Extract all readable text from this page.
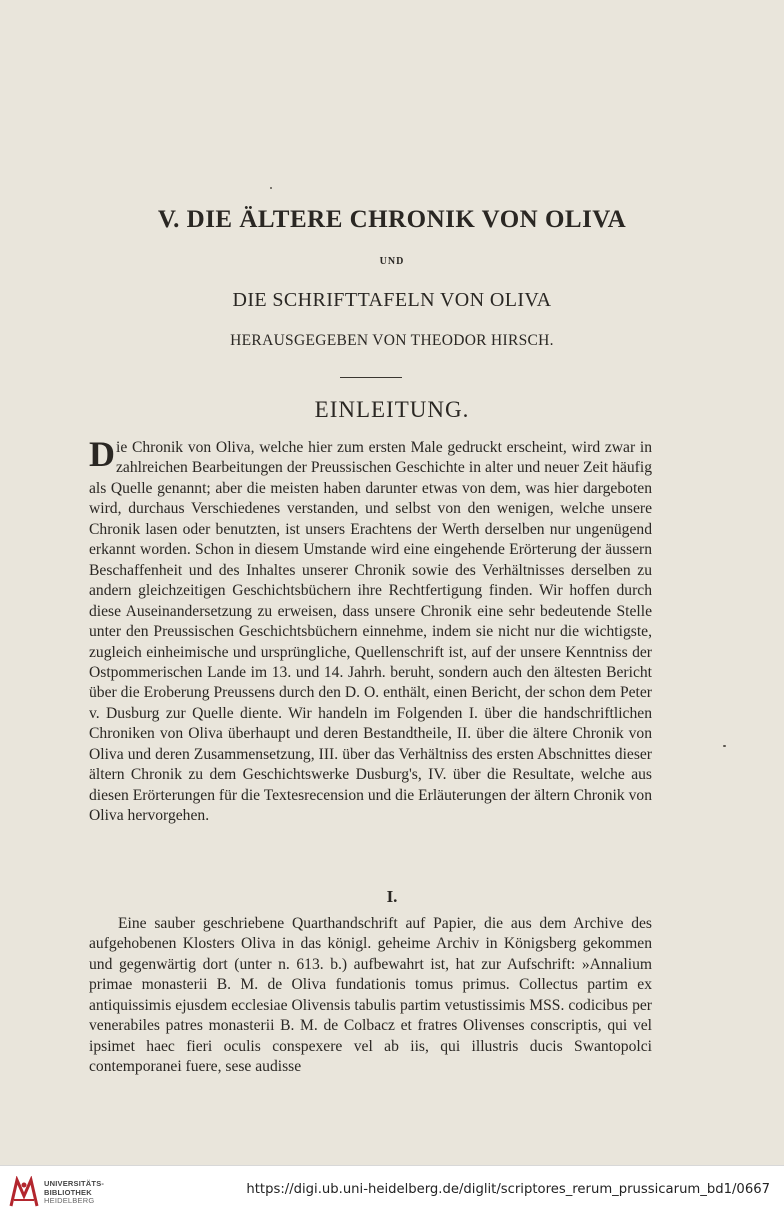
V. DIE ÄLTERE CHRONIK VON OLIVA
UND
DIE SCHRIFTTAFELN VON OLIVA
HERAUSGEGEBEN VON THEODOR HIRSCH.
EINLEITUNG.

Die Chronik von Oliva, welche hier zum ersten Male gedruckt erscheint, wird zwar in zahlreichen Bearbeitungen der Preussischen Geschichte in alter und neuer Zeit häufig als Quelle genannt; aber die meisten haben darunter etwas von dem, was hier dargeboten wird, durchaus Verschiedenes verstanden, und selbst von den wenigen, welche unsere Chronik lasen oder benutzten, ist unsers Erachtens der Werth derselben nur ungenügend erkannt worden. Schon in diesem Umstande wird eine eingehende Erörterung der äussern Beschaffenheit und des Inhaltes unserer Chronik sowie des Verhältnisses derselben zu andern gleichzeitigen Geschichtsbüchern ihre Rechtfertigung finden. Wir hoffen durch diese Auseinandersetzung zu erweisen, dass unsere Chronik eine sehr bedeutende Stelle unter den Preussischen Geschichtsbüchern einnehme, indem sie nicht nur die wichtigste, zugleich einheimische und ursprüngliche, Quellenschrift ist, auf der unsere Kenntniss der Ostpommerischen Lande im 13. und 14. Jahrh. beruht, sondern auch den ältesten Bericht über die Eroberung Preussens durch den D. O. enthält, einen Bericht, der schon dem Peter v. Dusburg zur Quelle diente. Wir handeln im Folgenden I. über die handschriftlichen Chroniken von Oliva überhaupt und deren Bestandtheile, II. über die ältere Chronik von Oliva und deren Zusammensetzung, III. über das Verhältniss des ersten Abschnittes dieser ältern Chronik zu dem Geschichtswerke Dusburg's, IV. über die Resultate, welche aus diesen Erörterungen für die Textesrecension und die Erläuterungen der ältern Chronik von Oliva hervorgehen.

I.

Eine sauber geschriebene Quarthandschrift auf Papier, die aus dem Archive des aufgehobenen Klosters Oliva in das königl. geheime Archiv in Königsberg gekommen und gegenwärtig dort (unter n. 613. b.) aufbewahrt ist, hat zur Aufschrift: »Annalium primae monasterii B. M. de Oliva fundationis tomus primus. Collectus partim ex antiquissimis ejusdem ecclesiae Olivensis tabulis partim vetustissimis MSS. codicibus per venerabiles patres monasterii B. M. de Colbacz et fratres Olivenses conscriptis, qui vel ipsimet haec fieri oculis conspexere vel ab iis, qui illustris ducis Swantopolci contemporanei fuere, sese audisse

UNIVERSITÄTS-
BIBLIOTHEK
HEIDELBERG
https://digi.ub.uni-heidelberg.de/diglit/scriptores_rerum_prussicarum_bd1/0667
